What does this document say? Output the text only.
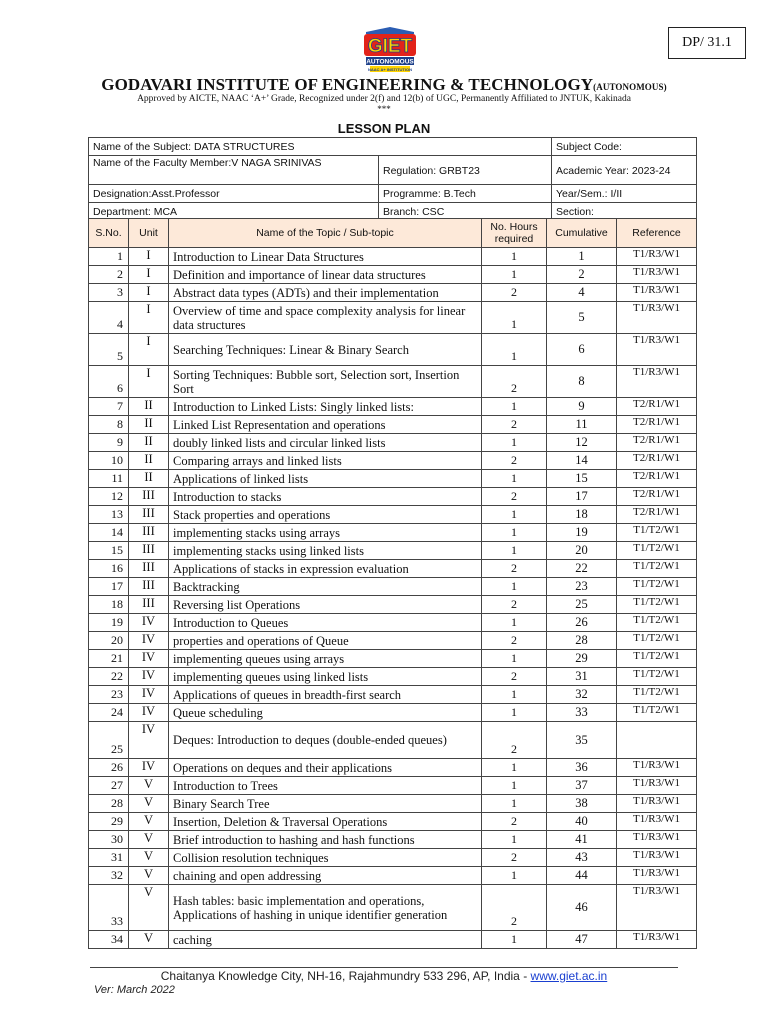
DP/ 31.1
GIET
AUTONOMOUS
NAAC A+ INSTITUTION
GODAVARI INSTITUTE OF ENGINEERING & TECHNOLOGY(AUTONOMOUS)
Approved by AICTE, NAAC ‘A+’ Grade, Recognized under 2(f) and 12(b) of UGC, Permanently Affiliated to JNTUK, Kakinada
***
LESSON PLAN
Name of the Subject: DATA STRUCTURES		Subject Code:
Name of the Faculty Member:V NAGA SRINIVAS	Regulation: GRBT23	Academic Year: 2023-24
Designation:Asst.Professor	Programme: B.Tech	Year/Sem.: I/II
Department: MCA	Branch: CSC	Section:
S.No.	Unit	Name of the Topic / Sub-topic	No. Hours required	Cumulative	Reference
1	I	Introduction to Linear Data Structures	1	1	T1/R3/W1
2	I	Definition and importance of linear data structures	1	2	T1/R3/W1
3	I	Abstract data types (ADTs) and their implementation	2	4	T1/R3/W1
4	I	Overview of time and space complexity analysis for linear data structures	1	5	T1/R3/W1
5	I	Searching Techniques: Linear & Binary Search	1	6	T1/R3/W1
6	I	Sorting Techniques: Bubble sort, Selection sort, Insertion Sort	2	8	T1/R3/W1
7	II	Introduction to Linked Lists: Singly linked lists:	1	9	T2/R1/W1
8	II	Linked List Representation and operations	2	11	T2/R1/W1
9	II	doubly linked lists and circular linked lists	1	12	T2/R1/W1
10	II	Comparing arrays and linked lists	2	14	T2/R1/W1
11	II	Applications of linked lists	1	15	T2/R1/W1
12	III	Introduction to stacks	2	17	T2/R1/W1
13	III	Stack properties and operations	1	18	T2/R1/W1
14	III	implementing stacks using arrays	1	19	T1/T2/W1
15	III	implementing stacks using linked lists	1	20	T1/T2/W1
16	III	Applications of stacks in expression evaluation	2	22	T1/T2/W1
17	III	Backtracking	1	23	T1/T2/W1
18	III	Reversing list Operations	2	25	T1/T2/W1
19	IV	Introduction to Queues	1	26	T1/T2/W1
20	IV	properties and operations of Queue	2	28	T1/T2/W1
21	IV	implementing queues using arrays	1	29	T1/T2/W1
22	IV	implementing queues using linked lists	2	31	T1/T2/W1
23	IV	Applications of queues in breadth-first search	1	32	T1/T2/W1
24	IV	Queue scheduling	1	33	T1/T2/W1
25	IV	Deques: Introduction to deques (double-ended queues)	2	35	
26	IV	Operations on deques and their applications	1	36	T1/R3/W1
27	V	Introduction to Trees	1	37	T1/R3/W1
28	V	Binary Search Tree	1	38	T1/R3/W1
29	V	Insertion, Deletion & Traversal Operations	2	40	T1/R3/W1
30	V	Brief introduction to hashing and hash functions	1	41	T1/R3/W1
31	V	Collision resolution techniques	2	43	T1/R3/W1
32	V	chaining and open addressing	1	44	T1/R3/W1
33	V	Hash tables: basic implementation and operations, Applications of hashing in unique identifier generation	2	46	T1/R3/W1
34	V	caching	1	47	T1/R3/W1
Chaitanya Knowledge City, NH-16, Rajahmundry 533 296, AP, India - www.giet.ac.in
Ver: March 2022
